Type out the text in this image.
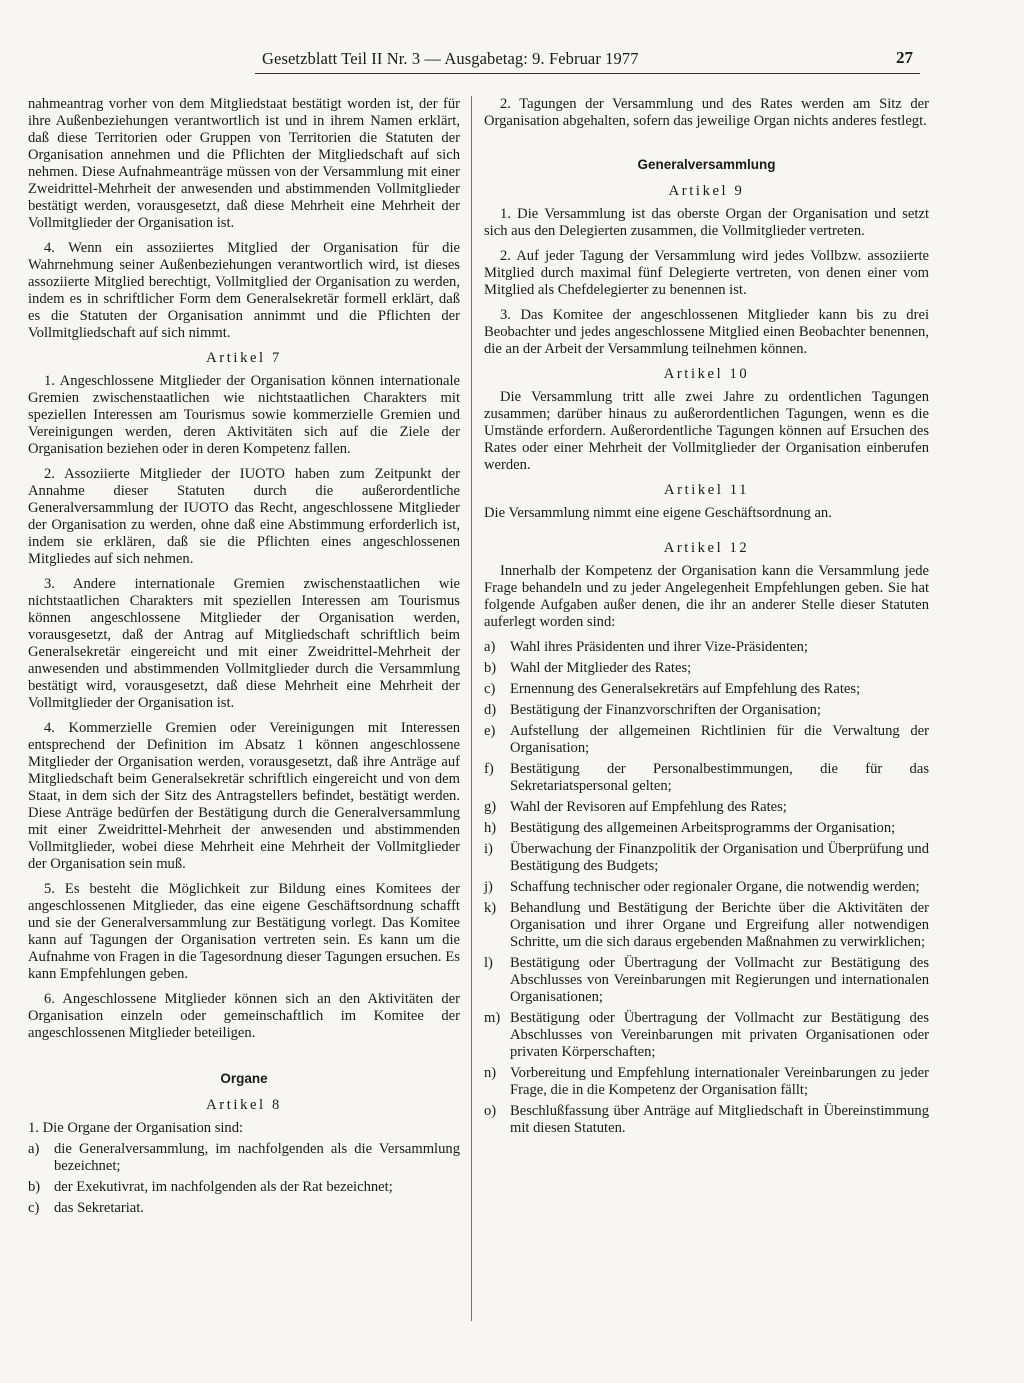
Gesetzblatt Teil II Nr. 3 — Ausgabetag: 9. Februar 1977	27

nahmeantrag vorher von dem Mitgliedstaat bestätigt worden ist, der für ihre Außenbeziehungen verantwortlich ist und in ihrem Namen erklärt, daß diese Territorien oder Gruppen von Territorien die Statuten der Organisation annehmen und die Pflichten der Mitgliedschaft auf sich nehmen. Diese Aufnahmeanträge müssen von der Versammlung mit einer Zweidrittel-Mehrheit der anwesenden und abstimmenden Vollmitglieder bestätigt werden, vorausgesetzt, daß diese Mehrheit eine Mehrheit der Vollmitglieder der Organisation ist.

4. Wenn ein assoziiertes Mitglied der Organisation für die Wahrnehmung seiner Außenbeziehungen verantwortlich wird, ist dieses assoziierte Mitglied berechtigt, Vollmitglied der Organisation zu werden, indem es in schriftlicher Form dem Generalsekretär formell erklärt, daß es die Statuten der Organisation annimmt und die Pflichten der Vollmitgliedschaft auf sich nimmt.

Artikel 7

1. Angeschlossene Mitglieder der Organisation können internationale Gremien zwischenstaatlichen wie nichtstaatlichen Charakters mit speziellen Interessen am Tourismus sowie kommerzielle Gremien und Vereinigungen werden, deren Aktivitäten sich auf die Ziele der Organisation beziehen oder in deren Kompetenz fallen.

2. Assoziierte Mitglieder der IUOTO haben zum Zeitpunkt der Annahme dieser Statuten durch die außerordentliche Generalversammlung der IUOTO das Recht, angeschlossene Mitglieder der Organisation zu werden, ohne daß eine Abstimmung erforderlich ist, indem sie erklären, daß sie die Pflichten eines angeschlossenen Mitgliedes auf sich nehmen.

3. Andere internationale Gremien zwischenstaatlichen wie nichtstaatlichen Charakters mit speziellen Interessen am Tourismus können angeschlossene Mitglieder der Organisation werden, vorausgesetzt, daß der Antrag auf Mitgliedschaft schriftlich beim Generalsekretär eingereicht und mit einer Zweidrittel-Mehrheit der anwesenden und abstimmenden Vollmitglieder durch die Versammlung bestätigt wird, vorausgesetzt, daß diese Mehrheit eine Mehrheit der Vollmitglieder der Organisation ist.

4. Kommerzielle Gremien oder Vereinigungen mit Interessen entsprechend der Definition im Absatz 1 können angeschlossene Mitglieder der Organisation werden, vorausgesetzt, daß ihre Anträge auf Mitgliedschaft beim Generalsekretär schriftlich eingereicht und von dem Staat, in dem sich der Sitz des Antragstellers befindet, bestätigt werden. Diese Anträge bedürfen der Bestätigung durch die Generalversammlung mit einer Zweidrittel-Mehrheit der anwesenden und abstimmenden Vollmitglieder, wobei diese Mehrheit eine Mehrheit der Vollmitglieder der Organisation sein muß.

5. Es besteht die Möglichkeit zur Bildung eines Komitees der angeschlossenen Mitglieder, das eine eigene Geschäftsordnung schafft und sie der Generalversammlung zur Bestätigung vorlegt. Das Komitee kann auf Tagungen der Organisation vertreten sein. Es kann um die Aufnahme von Fragen in die Tagesordnung dieser Tagungen ersuchen. Es kann Empfehlungen geben.

6. Angeschlossene Mitglieder können sich an den Aktivitäten der Organisation einzeln oder gemeinschaftlich im Komitee der angeschlossenen Mitglieder beteiligen.

Organe
Artikel 8

1. Die Organe der Organisation sind:

a)	die Generalversammlung, im nachfolgenden als die Versammlung bezeichnet;
b) der Exekutivrat, im nachfolgenden als der Rat bezeichnet;
c)	das Sekretariat.

2. Tagungen der Versammlung und des Rates werden am Sitz der Organisation abgehalten, sofern das jeweilige Organ nichts anderes festlegt.

Generalversammlung
Artikel 9

1. Die Versammlung ist das oberste Organ der Organisation und setzt sich aus den Delegierten zusammen, die Vollmitglieder vertreten.

2. Auf jeder Tagung der Versammlung wird jedes Vollbzw. assoziierte Mitglied durch maximal fünf Delegierte vertreten, von denen einer vom Mitglied als Chefdelegierter zu benennen ist.

3. Das Komitee der angeschlossenen Mitglieder kann bis zu drei Beobachter und jedes angeschlossene Mitglied einen Beobachter benennen, die an der Arbeit der Versammlung teilnehmen können.

Artikel 10

Die Versammlung tritt alle zwei Jahre zu ordentlichen Tagungen zusammen; darüber hinaus zu außerordentlichen Tagungen, wenn es die Umstände erfordern. Außerordentliche Tagungen können auf Ersuchen des Rates oder einer Mehrheit der Vollmitglieder der Organisation einberufen werden.

Artikel 11

Die Versammlung nimmt eine eigene Geschäftsordnung an.

Artikel 12

Innerhalb der Kompetenz der Organisation kann die Versammlung jede Frage behandeln und zu jeder Angelegenheit Empfehlungen geben. Sie hat folgende Aufgaben außer denen, die ihr an anderer Stelle dieser Statuten auferlegt worden sind:

a)	Wahl ihres Präsidenten und ihrer Vize-Präsidenten;
b) Wahl der Mitglieder des Rates;
c)	Ernennung des Generalsekretärs auf Empfehlung des Rates;
d) Bestätigung der Finanzvorschriften der Organisation;
e)	Aufstellung der allgemeinen Richtlinien für die Verwaltung der Organisation;
f)	Bestätigung der Personalbestimmungen, die für das Sekretariatspersonal gelten;
g) Wahl der Revisoren auf Empfehlung des Rates;
h) Bestätigung des allgemeinen Arbeitsprogramms der Organisation;
i)	Überwachung der Finanzpolitik der Organisation und Überprüfung und Bestätigung des Budgets;
j)	Schaffung technischer oder regionaler Organe, die notwendig werden;
k) Behandlung und Bestätigung der Berichte über die Aktivitäten der Organisation und ihrer Organe und Ergreifung aller notwendigen Schritte, um die sich daraus ergebenden Maßnahmen zu verwirklichen;
l)	Bestätigung oder Übertragung der Vollmacht zur Bestätigung des Abschlusses von Vereinbarungen mit Regierungen und internationalen Organisationen;
m) Bestätigung oder Übertragung der Vollmacht zur Bestätigung des Abschlusses von Vereinbarungen mit privaten Organisationen oder privaten Körperschaften;
n) Vorbereitung und Empfehlung internationaler Vereinbarungen zu jeder Frage, die in die Kompetenz der Organisation fällt;
o) Beschlußfassung über Anträge auf Mitgliedschaft in Übereinstimmung mit diesen Statuten.
